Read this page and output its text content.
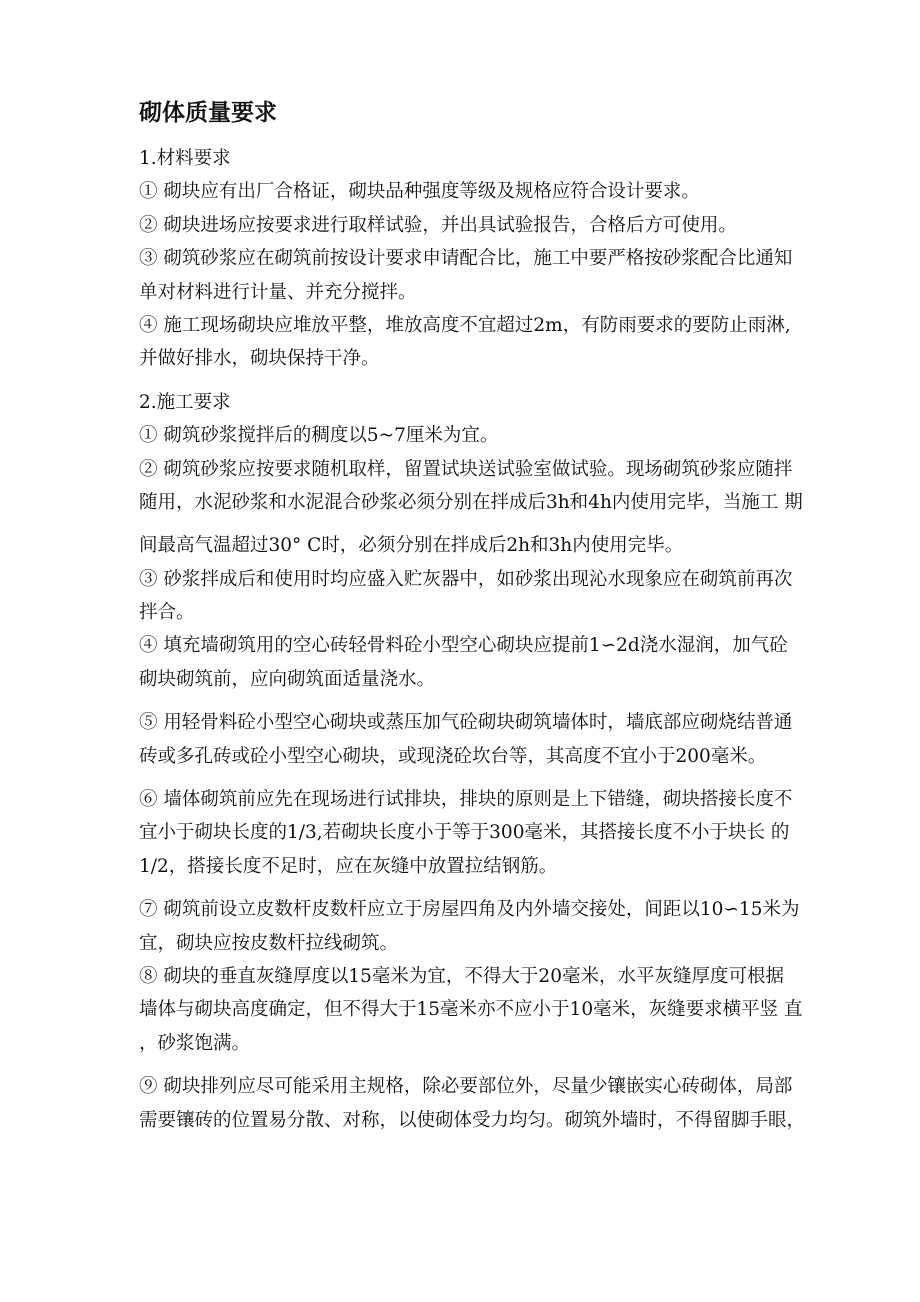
砌体质量要求
1.材料要求
① 砌块应有出厂合格证，砌块品种强度等级及规格应符合设计要求。
② 砌块进场应按要求进行取样试验，并出具试验报告，合格后方可使用。
③ 砌筑砂浆应在砌筑前按设计要求申请配合比，施工中要严格按砂浆配合比通知
单对材料进行计量、并充分搅拌。
④ 施工现场砌块应堆放平整，堆放高度不宜超过2m，有防雨要求的要防止雨淋,
并做好排水，砌块保持干净。
2.施工要求
① 砌筑砂浆搅拌后的稠度以5~7厘米为宜。
② 砌筑砂浆应按要求随机取样，留置试块送试验室做试验。现场砌筑砂浆应随拌
随用，水泥砂浆和水泥混合砂浆必须分别在拌成后3h和4h内使用完毕，当施工 期
间最高气温超过30° C时，必须分别在拌成后2h和3h内使用完毕。
③ 砂浆拌成后和使用时均应盛入贮灰器中，如砂浆出现沁水现象应在砌筑前再次
拌合。
④ 填充墙砌筑用的空心砖轻骨料砼小型空心砌块应提前1∽2d浇水湿润，加气砼
砌块砌筑前，应向砌筑面适量浇水。
⑤ 用轻骨料砼小型空心砌块或蒸压加气砼砌块砌筑墙体时，墙底部应砌烧结普通
砖或多孔砖或砼小型空心砌块，或现浇砼坎台等，其高度不宜小于200毫米。
⑥ 墙体砌筑前应先在现场进行试排块，排块的原则是上下错缝，砌块搭接长度不
宜小于砌块长度的1/3,若砌块长度小于等于300毫米，其搭接长度不小于块长 的
1/2，搭接长度不足时，应在灰缝中放置拉结钢筋。
⑦ 砌筑前设立皮数杆皮数杆应立于房屋四角及内外墙交接处，间距以10∽15米为
宜，砌块应按皮数杆拉线砌筑。
⑧ 砌块的垂直灰缝厚度以15毫米为宜，不得大于20毫米，水平灰缝厚度可根据
墙体与砌块高度确定，但不得大于15毫米亦不应小于10毫米，灰缝要求横平竖 直
，砂浆饱满。
⑨ 砌块排列应尽可能采用主规格，除必要部位外，尽量少镶嵌实心砖砌体，局部
需要镶砖的位置易分散、对称，以使砌体受力均匀。砌筑外墙时，不得留脚手眼，
